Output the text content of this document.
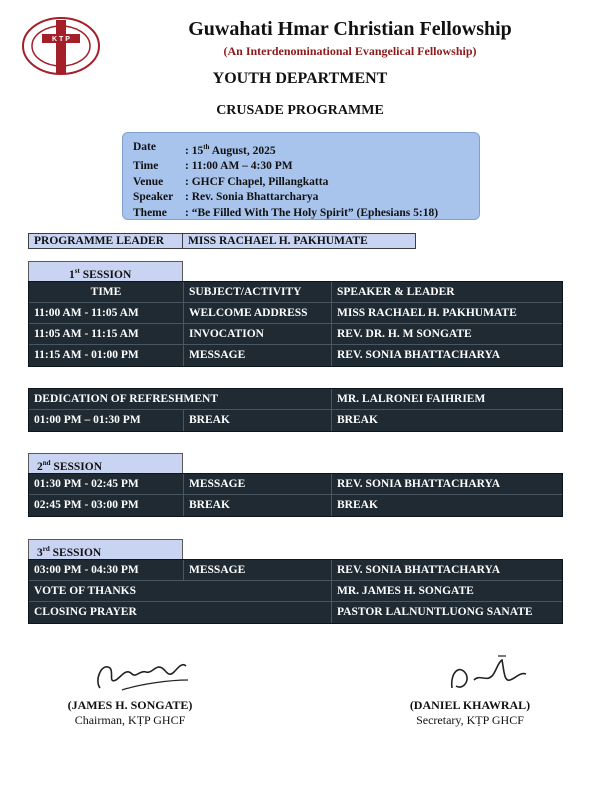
K T P	Guwahati Hmar Christian Fellowship
(An Interdenominational Evangelical Fellowship)
YOUTH DEPARTMENT
CRUSADE PROGRAMME
Date	: 15th August, 2025
Time	: 11:00 AM – 4:30 PM
Venue	: GHCF Chapel, Pillangkatta
Speaker	: Rev. Sonia Bhattarcharya
Theme	: “Be Filled With The Holy Spirit” (Ephesians 5:18)
PROGRAMME LEADER	MISS RACHAEL H. PAKHUMATE
1st SESSION
TIME	SUBJECT/ACTIVITY	SPEAKER & LEADER
11:00 AM - 11:05 AM	WELCOME ADDRESS	MISS RACHAEL H. PAKHUMATE
11:05 AM - 11:15 AM	INVOCATION	REV. DR. H. M SONGATE
11:15 AM - 01:00 PM	MESSAGE	REV. SONIA BHATTACHARYA
DEDICATION OF REFRESHMENT	MR. LALRONEI FAIHRIEM
01:00 PM – 01:30 PM	BREAK	BREAK
2nd SESSION
01:30 PM - 02:45 PM	MESSAGE	REV. SONIA BHATTACHARYA
02:45 PM - 03:00 PM	BREAK	BREAK
3rd SESSION
03:00 PM - 04:30 PM	MESSAGE	REV. SONIA BHATTACHARYA
VOTE OF THANKS	MR. JAMES H. SONGATE
CLOSING PRAYER	PASTOR LALNUNTLUONG SANATE
(JAMES H. SONGATE)
Chairman, KṬP GHCF
(DANIEL KHAWRAL)
Secretary, KṬP GHCF
